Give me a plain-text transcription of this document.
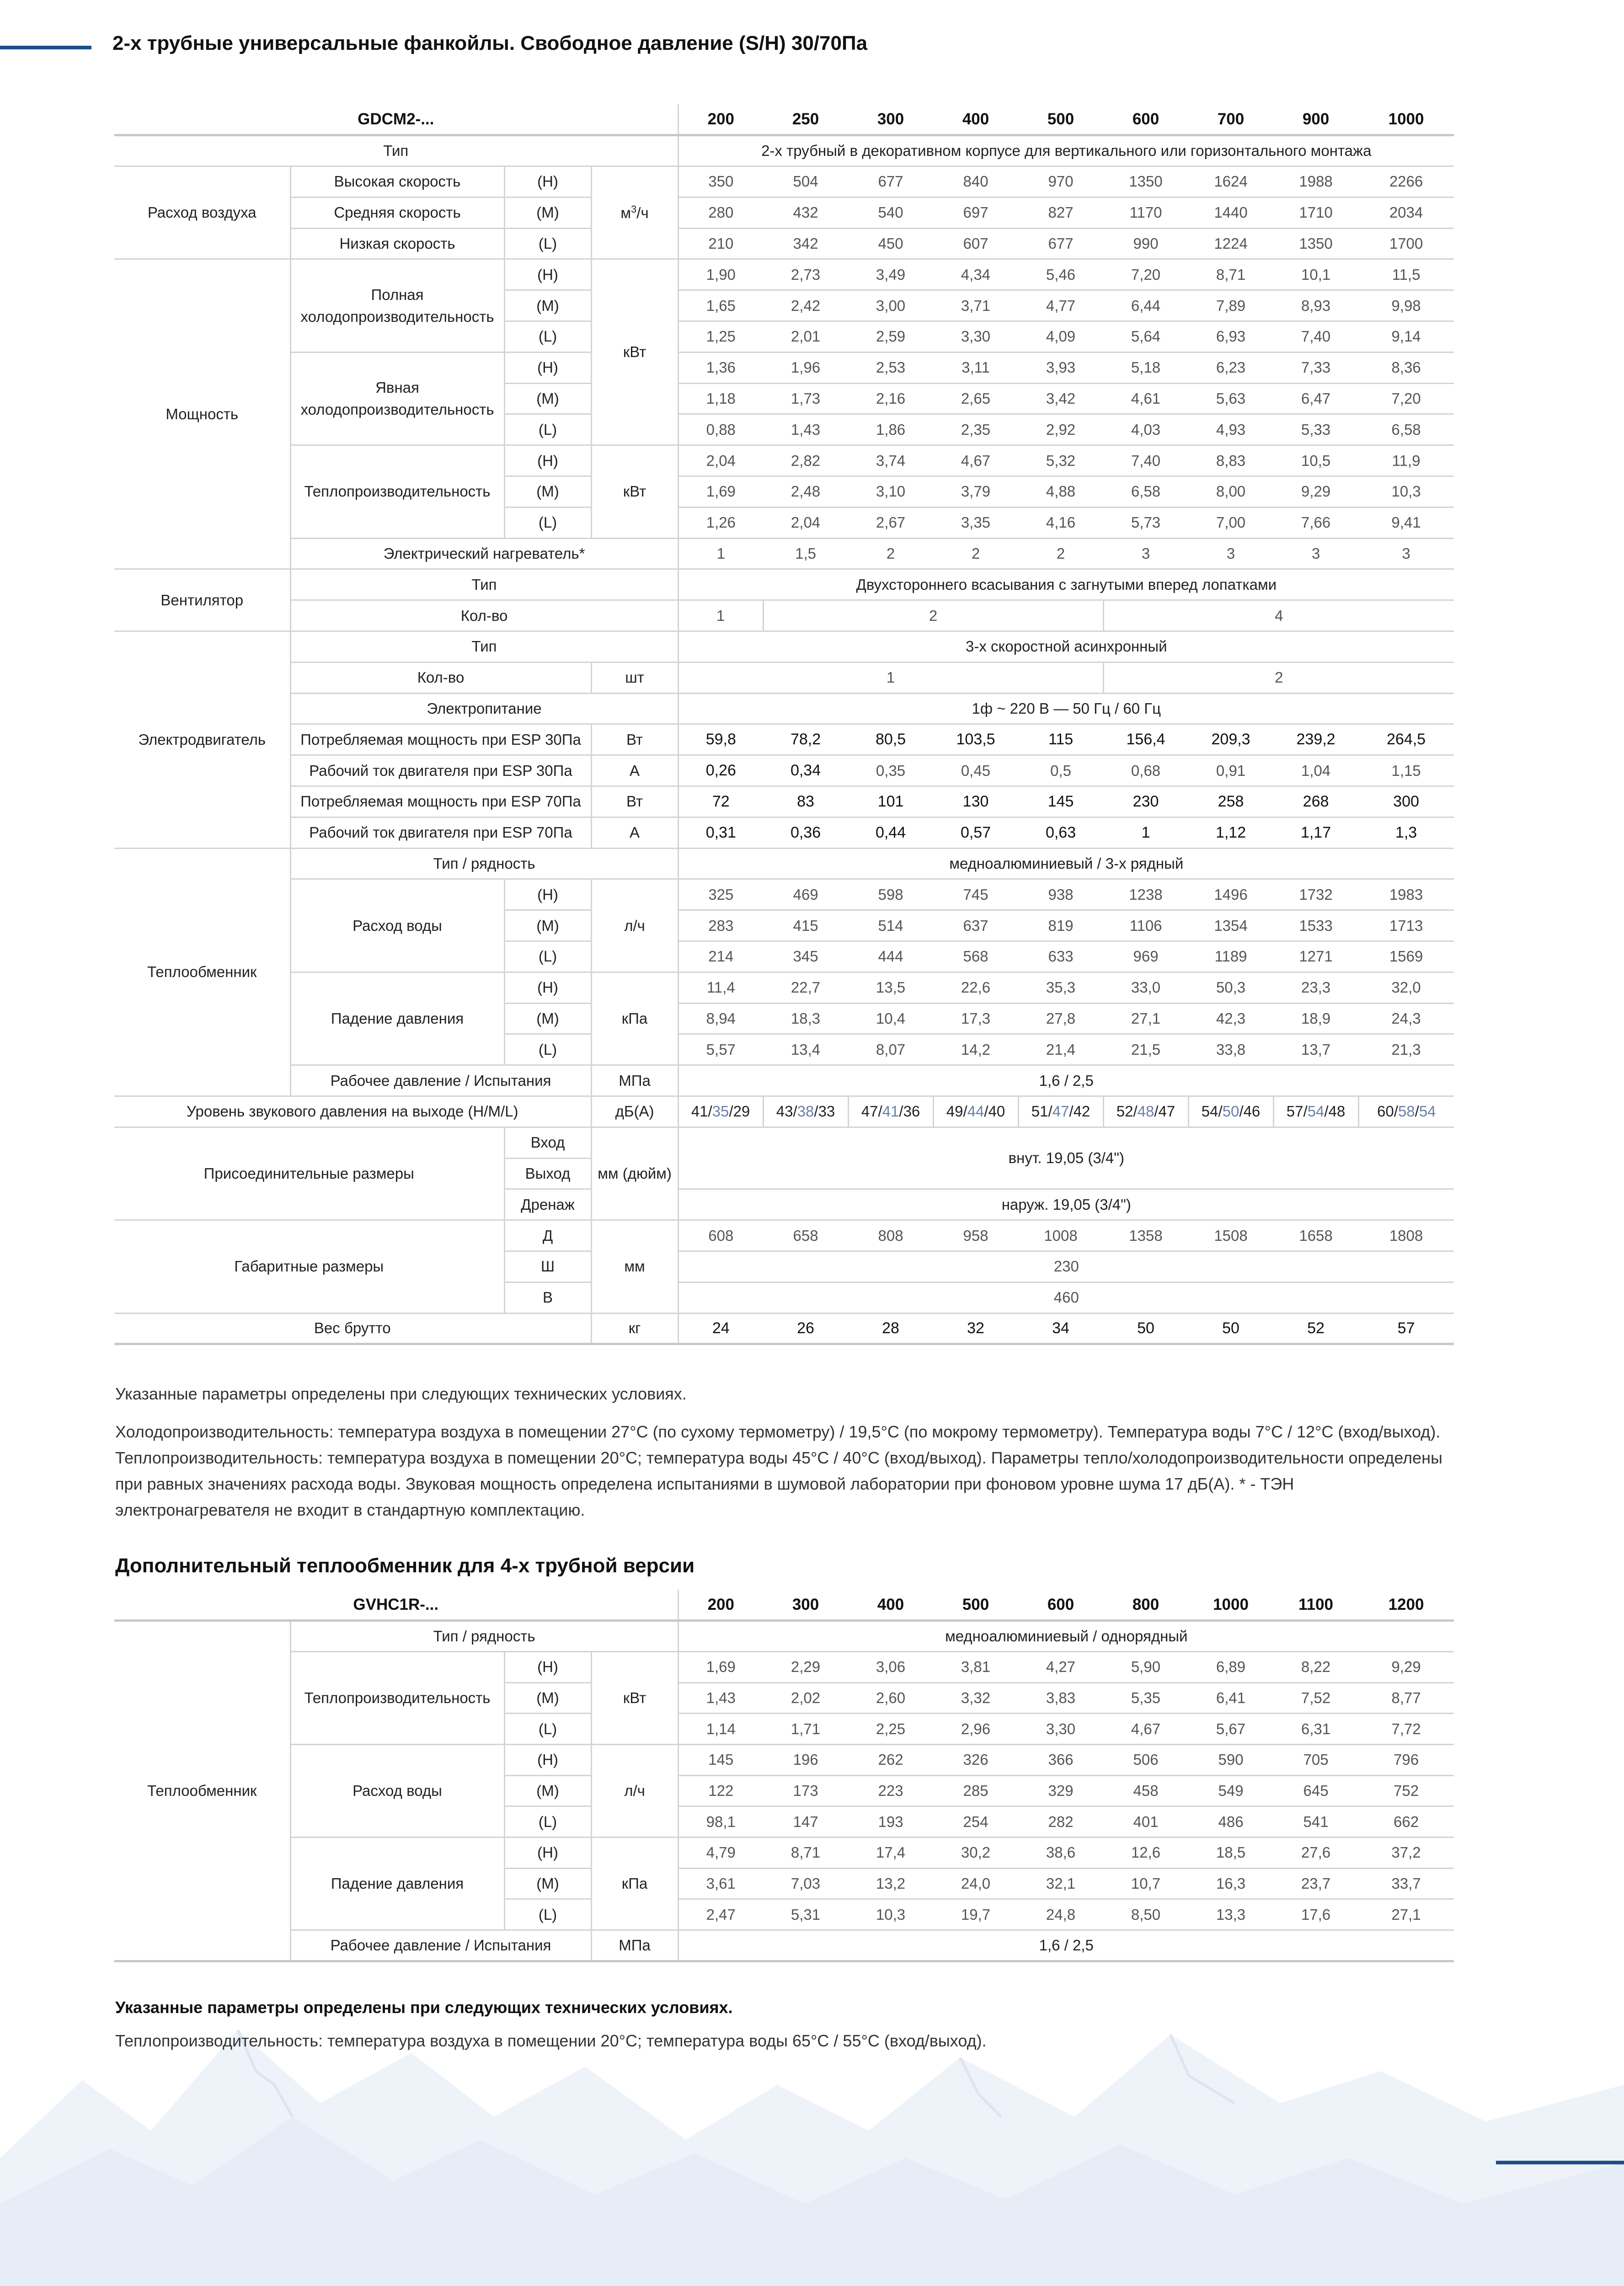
2-х трубные универсальные фанкойлы. Свободное давление (S/H) 30/70Па
GDCM2-...				200	250	300	400	500	600	700	900	1000
Тип				2-х трубный в декоративном корпусе для вертикального или горизонтального монтажа								
Расход воздуха	Высокая скорость	(H)	$м^3/ч$	350	504	677	840	970	1350	1624	1988	2266
	Средняя скорость	(M)		280	432	540	697	827	1170	1440	1710	2034
	Низкая скорость	(L)		210	342	450	607	677	990	1224	1350	1700
Мощность	Полная холодопроизводительность	(H)	кВт	1,90	2,73	3,49	4,34	5,46	7,20	8,71	10,1	11,5
		(M)		1,65	2,42	3,00	3,71	4,77	6,44	7,89	8,93	9,98
		(L)		1,25	2,01	2,59	3,30	4,09	5,64	6,93	7,40	9,14
	Явная холодопроизводительность	(H)		1,36	1,96	2,53	3,11	3,93	5,18	6,23	7,33	8,36
		(M)		1,18	1,73	2,16	2,65	3,42	4,61	5,63	6,47	7,20
		(L)		0,88	1,43	1,86	2,35	2,92	4,03	4,93	5,33	6,58
	Теплопроизводительность	(H)	кВт	2,04	2,82	3,74	4,67	5,32	7,40	8,83	10,5	11,9
		(M)		1,69	2,48	3,10	3,79	4,88	6,58	8,00	9,29	10,3
		(L)		1,26	2,04	2,67	3,35	4,16	5,73	7,00	7,66	9,41
	Электрический нагреватель*			1	1,5	2	2	2	3	3	3	3
Вентилятор	Тип			Двухстороннего всасывания с загнутыми вперед лопатками								
	Кол-во			1	2				4			
Электродвигатель	Тип			3-х скоростной асинхронный								
	Кол-во		шт	1					2			
	Электропитание			1ф ~ 220 В — 50 Гц / 60 Гц								
	Потребляемая мощность при ESP 30Па		Вт	59,8	78,2	80,5	103,5	115	156,4	209,3	239,2	264,5
	Рабочий ток двигателя при ESP 30Па		А	0,26	0,34	0,35	0,45	0,5	0,68	0,91	1,04	1,15
	Потребляемая мощность при ESP 70Па		Вт	72	83	101	130	145	230	258	268	300
	Рабочий ток двигателя при ESP 70Па		А	0,31	0,36	0,44	0,57	0,63	1	1,12	1,17	1,3
Теплообменник	Тип / рядность			медноалюминиевый / 3-х рядный								
	Расход воды	(H)	л/ч	325	469	598	745	938	1238	1496	1732	1983
		(M)		283	415	514	637	819	1106	1354	1533	1713
		(L)		214	345	444	568	633	969	1189	1271	1569
	Падение давления	(H)	кПа	11,4	22,7	13,5	22,6	35,3	33,0	50,3	23,3	32,0
		(M)		8,94	18,3	10,4	17,3	27,8	27,1	42,3	18,9	24,3
		(L)		5,57	13,4	8,07	14,2	21,4	21,5	33,8	13,7	21,3
	Рабочее давление / Испытания		МПа	1,6 / 2,5								
Уровень звукового давления на выходе (H/M/L)			дБ(А)	41/35/29	43/38/33	47/41/36	49/44/40	51/47/42	52/48/47	54/50/46	57/54/48	60/58/54
Присоединительные размеры		Вход	мм (дюйм)	внут. 19,05 (3/4")								
		Выход										
		Дренаж		наруж. 19,05 (3/4")								
Габаритные размеры		Д	мм	608	658	808	958	1008	1358	1508	1658	1808
		Ш		230								
		В		460								
Вес брутто			кг	24	26	28	32	34	50	50	52	57

Указанные параметры определены при следующих технических условиях.

Холодопроизводительность: температура воздуха в помещении 27°С (по сухому термометру) / 19,5°С (по мокрому термометру). Температура воды 7°С / 12°С (вход/выход). Теплопроизводительность: температура воздуха в помещении 20°С; температура воды 45°С / 40°С (вход/выход). Параметры тепло/холодопроизводительности определены при равных значениях расхода воды. Звуковая мощность определена испытаниями в шумовой лаборатории при фоновом уровне шума 17 дБ(А). * - ТЭН электронагревателя не входит в стандартную комплектацию.

Дополнительный теплообменник для 4-х трубной версии
GVHC1R-...				200	300	400	500	600	800	1000	1100	1200
Теплообменник	Тип / рядность			медноалюминиевый / однорядный								
	Теплопроизводительность	(H)	кВт	1,69	2,29	3,06	3,81	4,27	5,90	6,89	8,22	9,29
		(M)		1,43	2,02	2,60	3,32	3,83	5,35	6,41	7,52	8,77
		(L)		1,14	1,71	2,25	2,96	3,30	4,67	5,67	6,31	7,72
	Расход воды	(H)	л/ч	145	196	262	326	366	506	590	705	796
		(M)		122	173	223	285	329	458	549	645	752
		(L)		98,1	147	193	254	282	401	486	541	662
	Падение давления	(H)	кПа	4,79	8,71	17,4	30,2	38,6	12,6	18,5	27,6	37,2
		(M)		3,61	7,03	13,2	24,0	32,1	10,7	16,3	23,7	33,7
		(L)		2,47	5,31	10,3	19,7	24,8	8,50	13,3	17,6	27,1
	Рабочее давление / Испытания		МПа	1,6 / 2,5								

Указанные параметры определены при следующих технических условиях.

Теплопроизводительность: температура воздуха в помещении 20°С; температура воды 65°С / 55°С (вход/выход).
